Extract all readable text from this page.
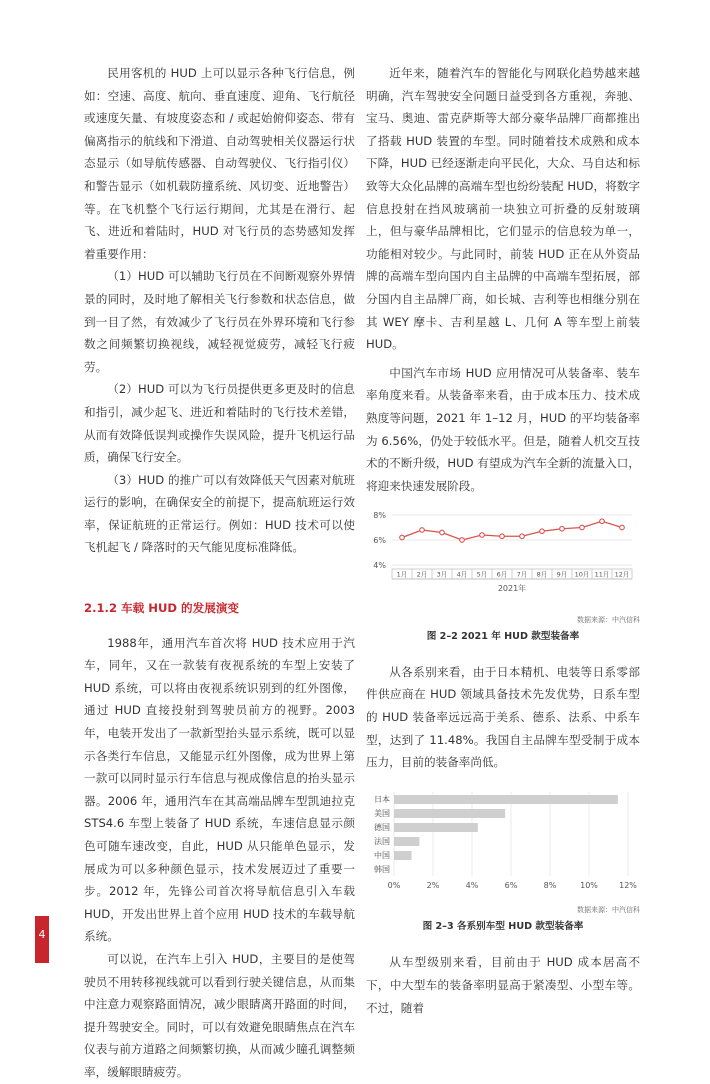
民用客机的 HUD 上可以显示各种飞行信息，例如：空速、高度、航向、垂直速度、迎角、飞行航径或速度矢量、有坡度姿态和 / 或起始俯仰姿态、带有偏离指示的航线和下滑道、自动驾驶相关仪器运行状态显示（如导航传感器、自动驾驶仪、飞行指引仪）和警告显示（如机载防撞系统、风切变、近地警告）等。在飞机整个飞行运行期间，尤其是在滑行、起飞、进近和着陆时，HUD 对飞行员的态势感知发挥着重要作用：

（1）HUD 可以辅助飞行员在不间断观察外界情景的同时，及时地了解相关飞行参数和状态信息，做到一目了然，有效减少了飞行员在外界环境和飞行参数之间频繁切换视线，减轻视觉疲劳，减轻飞行疲劳。

（2）HUD 可以为飞行员提供更多更及时的信息和指引，减少起飞、进近和着陆时的飞行技术差错，从而有效降低误判或操作失误风险，提升飞机运行品质，确保飞行安全。

（3）HUD 的推广可以有效降低天气因素对航班运行的影响，在确保安全的前提下，提高航班运行效率，保证航班的正常运行。例如：HUD 技术可以使飞机起飞 / 降落时的天气能见度标准降低。

2.1.2 车载 HUD 的发展演变

1988年，通用汽车首次将 HUD 技术应用于汽车，同年，又在一款装有夜视系统的车型上安装了 HUD 系统，可以将由夜视系统识别到的红外图像，通过 HUD 直接投射到驾驶员前方的视野。2003 年，电装开发出了一款新型抬头显示系统，既可以显示各类行车信息，又能显示红外图像，成为世界上第一款可以同时显示行车信息与视成像信息的抬头显示器。2006 年，通用汽车在其高端品牌车型凯迪拉克 STS4.6 车型上装备了 HUD 系统，车速信息显示颜色可随车速改变，自此，HUD 从只能单色显示，发展成为可以多种颜色显示，技术发展迈过了重要一步。2012 年，先锋公司首次将导航信息引入车载 HUD，开发出世界上首个应用 HUD 技术的车载导航系统。

可以说，在汽车上引入 HUD，主要目的是使驾驶员不用转移视线就可以看到行驶关键信息，从而集中注意力观察路面情况，减少眼睛离开路面的时间，提升驾驶安全。同时，可以有效避免眼睛焦点在汽车仪表与前方道路之间频繁切换，从而减少瞳孔调整频率，缓解眼睛疲劳。

近年来，随着汽车的智能化与网联化趋势越来越明确，汽车驾驶安全问题日益受到各方重视，奔驰、宝马、奥迪、雷克萨斯等大部分豪华品牌厂商都推出了搭载 HUD 装置的车型。同时随着技术成熟和成本下降，HUD 已经逐渐走向平民化，大众、马自达和标致等大众化品牌的高端车型也纷纷装配 HUD，将数字信息投射在挡风玻璃前一块独立可折叠的反射玻璃上，但与豪华品牌相比，它们显示的信息较为单一，功能相对较少。与此同时，前装 HUD 正在从外资品牌的高端车型向国内自主品牌的中高端车型拓展，部分国内自主品牌厂商，如长城、吉利等也相继分别在其 WEY 摩卡、吉利星越 L、几何 A 等车型上前装 HUD。

中国汽车市场 HUD 应用情况可从装备率、装车率角度来看。从装备率来看，由于成本压力、技术成熟度等问题，2021 年 1–12 月，HUD 的平均装备率为 6.56%，仍处于较低水平。但是，随着人机交互技术的不断升级，HUD 有望成为汽车全新的流量入口，将迎来快速发展阶段。

8%
6%
4%
1月 2月 3月 4月 5月 6月 7月 8月 9月 10月 11月 12月
2021年
数据来源：中汽信科
图 2–2 2021 年 HUD 款型装备率

从各系别来看，由于日本精机、电装等日系零部件供应商在 HUD 领域具备技术先发优势，日系车型的 HUD 装备率远远高于美系、德系、法系、中系车型，达到了 11.48%。我国自主品牌车型受制于成本压力，目前的装备率尚低。

0%	2%	4%	6%	8%	10%	12%
日本
美国
德国
法国
中国
韩国
数据来源：中汽信科
图 2–3 各系别车型 HUD 款型装备率

从车型级别来看，目前由于 HUD 成本居高不下，中大型车的装备率明显高于紧凑型、小型车等。不过，随着

4
